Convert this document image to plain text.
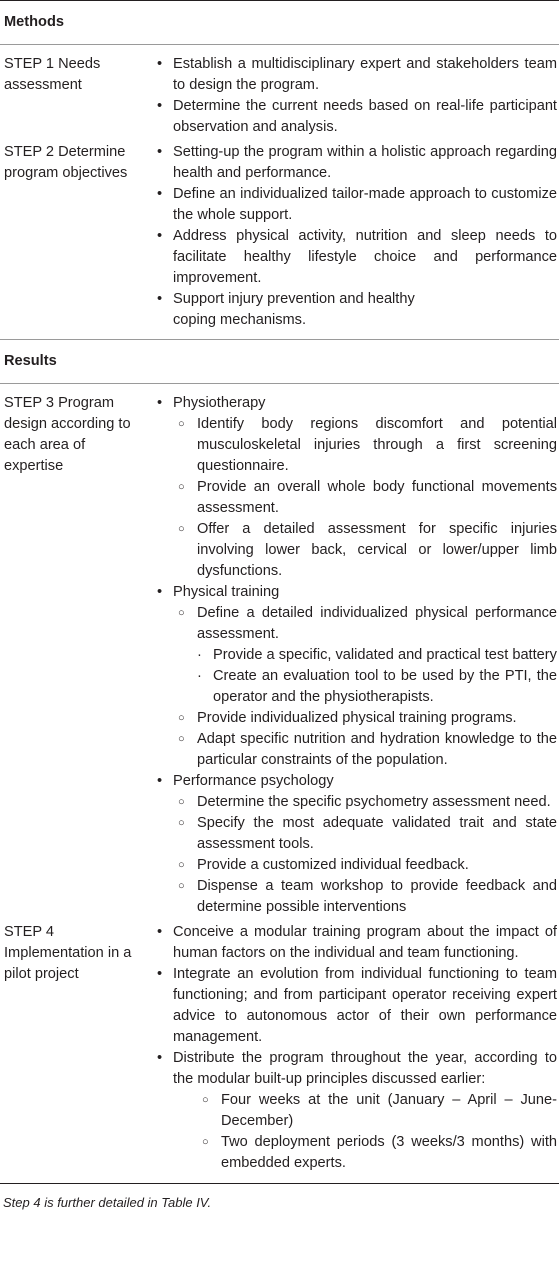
Methods
STEP 1 Needs assessment
• Establish a multidisciplinary expert and stakeholders team to design the program.
• Determine the current needs based on real-life participant observation and analysis.
STEP 2 Determine program objectives
• Setting-up the program within a holistic approach regarding health and performance.
• Define an individualized tailor-made approach to customize the whole support.
• Address physical activity, nutrition and sleep needs to facilitate healthy lifestyle choice and performance improvement.
• Support injury prevention and healthy coping mechanisms.
Results
STEP 3 Program design according to each area of expertise
• Physiotherapy
○ Identify body regions discomfort and potential musculoskeletal injuries through a first screening questionnaire.
○ Provide an overall whole body functional movements assessment.
○ Offer a detailed assessment for specific injuries involving lower back, cervical or lower/upper limb dysfunctions.
• Physical training
○ Define a detailed individualized physical performance assessment.
· Provide a specific, validated and practical test battery
· Create an evaluation tool to be used by the PTI, the operator and the physiotherapists.
○ Provide individualized physical training programs.
○ Adapt specific nutrition and hydration knowledge to the particular constraints of the population.
• Performance psychology
○ Determine the specific psychometry assessment need.
○ Specify the most adequate validated trait and state assessment tools.
○ Provide a customized individual feedback.
○ Dispense a team workshop to provide feedback and determine possible interventions
STEP 4 Implementation in a pilot project
• Conceive a modular training program about the impact of human factors on the individual and team functioning.
• Integrate an evolution from individual functioning to team functioning; and from participant operator receiving expert advice to autonomous actor of their own performance management.
• Distribute the program throughout the year, according to the modular built-up principles discussed earlier:
○ Four weeks at the unit (January – April – June-December)
○ Two deployment periods (3 weeks/3 months) with embedded experts.
Step 4 is further detailed in Table IV.
